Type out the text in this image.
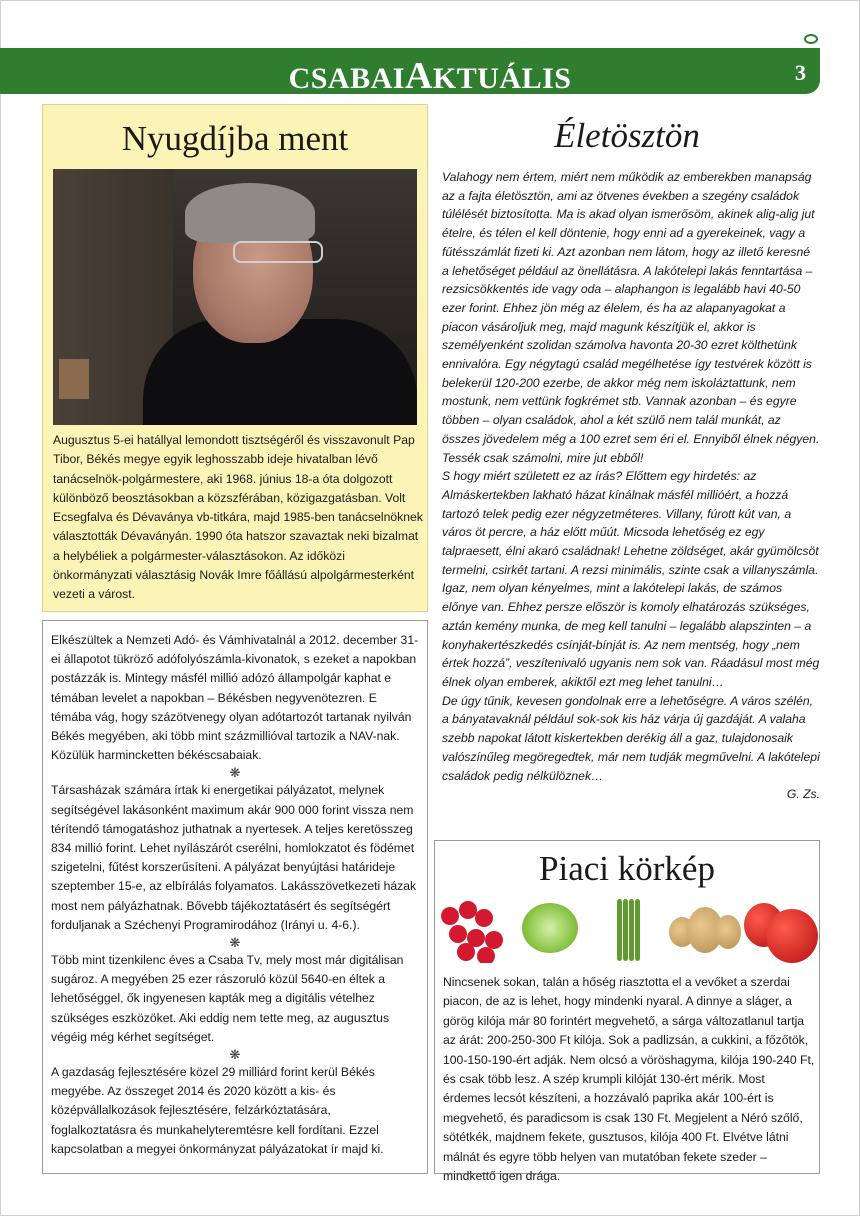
CSABAIAKTUÁLIS	3
Nyugdíjba ment
Augusztus 5-ei hatállyal lemondott tisztségéről és visszavonult Pap Tibor, Békés megye egyik leghosszabb ideje hivatalban lévő tanácselnök-polgármestere, aki 1968. június 18-a óta dolgozott különböző beosztásokban a közszférában, közigazgatásban. Volt Ecsegfalva és Dévaványa vb-titkára, majd 1985-ben tanácselnöknek választották Dévaványán. 1990 óta hatszor szavaztak neki bizalmat a helybéliek a polgármester-választásokon. Az időközi önkormányzati választásig Novák Imre főállású alpolgármesterként vezeti a várost.

Elkészültek a Nemzeti Adó- és Vámhivatalnál a 2012. december 31-ei állapotot tükröző adófolyószámla-kivonatok, s ezeket a napokban postázzák is. Mintegy másfél millió adózó állampolgár kaphat e témában levelet a napokban – Békésben negyvenötezren. E témába vág, hogy százötvenegy olyan adótartozót tartanak nyilván Békés megyében, aki több mint százmillióval tartozik a NAV-nak. Közülük harmincketten békéscsabaiak.

❋

Társasházak számára írtak ki energetikai pályázatot, melynek segítségével lakásonként maximum akár 900 000 forint vissza nem térítendő támogatáshoz juthatnak a nyertesek. A teljes keretösszeg 834 millió forint. Lehet nyílászárót cserélni, homlokzatot és födémet szigetelni, fűtést korszerűsíteni. A pályázat benyújtási határideje szeptember 15-e, az elbírálás folyamatos. Lakásszövetkezeti házak most nem pályázhatnak. Bővebb tájékoztatásért és segítségért forduljanak a Széchenyi Programirodához (Irányi u. 4-6.).

❋

Több mint tizenkilenc éves a Csaba Tv, mely most már digitálisan sugároz. A megyében 25 ezer rászoruló közül 5640-en éltek a lehetőséggel, ők ingyenesen kapták meg a digitális vételhez szükséges eszközöket. Aki eddig nem tette meg, az augusztus végéig még kérhet segítséget.

❋

A gazdaság fejlesztésére közel 29 milliárd forint kerül Békés megyébe. Az összeget 2014 és 2020 között a kis- és középvállalkozások fejlesztésére, felzárkóztatására, foglalkoztatásra és munkahelyteremtésre kell fordítani. Ezzel kapcsolatban a megyei önkormányzat pályázatokat ír majd ki.

Életösztön

Valahogy nem értem, miért nem működik az emberekben manapság az a fajta életösztön, ami az ötvenes években a szegény családok túlélését biztosította. Ma is akad olyan ismerősöm, akinek alig-alig jut ételre, és télen el kell döntenie, hogy enni ad a gyerekeinek, vagy a fűtésszámlát fizeti ki. Azt azonban nem látom, hogy az illető keresné a lehetőséget például az önellátásra. A lakótelepi lakás fenntartása – rezsicsökkentés ide vagy oda – alaphangon is legalább havi 40-50 ezer forint. Ehhez jön még az élelem, és ha az alapanyagokat a piacon vásároljuk meg, majd magunk készítjük el, akkor is személyenként szolidan számolva havonta 20-30 ezret költhetünk ennivalóra. Egy négytagú család megélhetése így testvérek között is belekerül 120-200 ezerbe, de akkor még nem iskoláztattunk, nem mostunk, nem vettünk fogkrémet stb. Vannak azonban – és egyre többen – olyan családok, ahol a két szülő nem talál munkát, az összes jövedelem még a 100 ezret sem éri el. Ennyiből élnek négyen. Tessék csak számolni, mire jut ebből!

S hogy miért született ez az írás? Előttem egy hirdetés: az Almáskertekben lakható házat kínálnak másfél millióért, a hozzá tartozó telek pedig ezer négyzetméteres. Villany, fúrott kút van, a város öt percre, a ház előtt műút. Micsoda lehetőség ez egy talpraesett, élni akaró családnak! Lehetne zöldséget, akár gyümölcsöt termelni, csirkét tartani. A rezsi minimális, szinte csak a villanyszámla. Igaz, nem olyan kényelmes, mint a lakótelepi lakás, de számos előnye van. Ehhez persze először is komoly elhatározás szükséges, aztán kemény munka, de meg kell tanulni – legalább alapszinten – a konyhakertészkedés csínját-bínját is. Az nem mentség, hogy „nem értek hozzá”, veszítenivaló ugyanis nem sok van. Ráadásul most még élnek olyan emberek, akiktől ezt meg lehet tanulni…

De úgy tűnik, kevesen gondolnak erre a lehetőségre. A város szélén, a bányatavaknál például sok-sok kis ház várja új gazdáját. A valaha szebb napokat látott kiskertekben derékig áll a gaz, tulajdonosaik valószínűleg megöregedtek, már nem tudják megművelni. A lakótelepi családok pedig nélkülöznek…

G. Zs.

Piaci körkép
Nincsenek sokan, talán a hőség riasztotta el a vevőket a szerdai piacon, de az is lehet, hogy mindenki nyaral. A dinnye a sláger, a görög kilója már 80 forintért megvehető, a sárga változatlanul tartja az árát: 200-250-300 Ft kilója. Sok a padlizsán, a cukkini, a főzőtök, 100-150-190-ért adják. Nem olcsó a vöröshagyma, kilója 190-240 Ft, és csak több lesz. A szép krumpli kilóját 130-ért mérik. Most érdemes lecsót készíteni, a hozzávaló paprika akár 100-ért is megvehető, és paradicsom is csak 130 Ft. Megjelent a Néró szőlő, sötétkék, majdnem fekete, gusztusos, kilója 400 Ft. Elvétve látni málnát és egyre több helyen van mutatóban fekete szeder – mindkettő igen drága.
